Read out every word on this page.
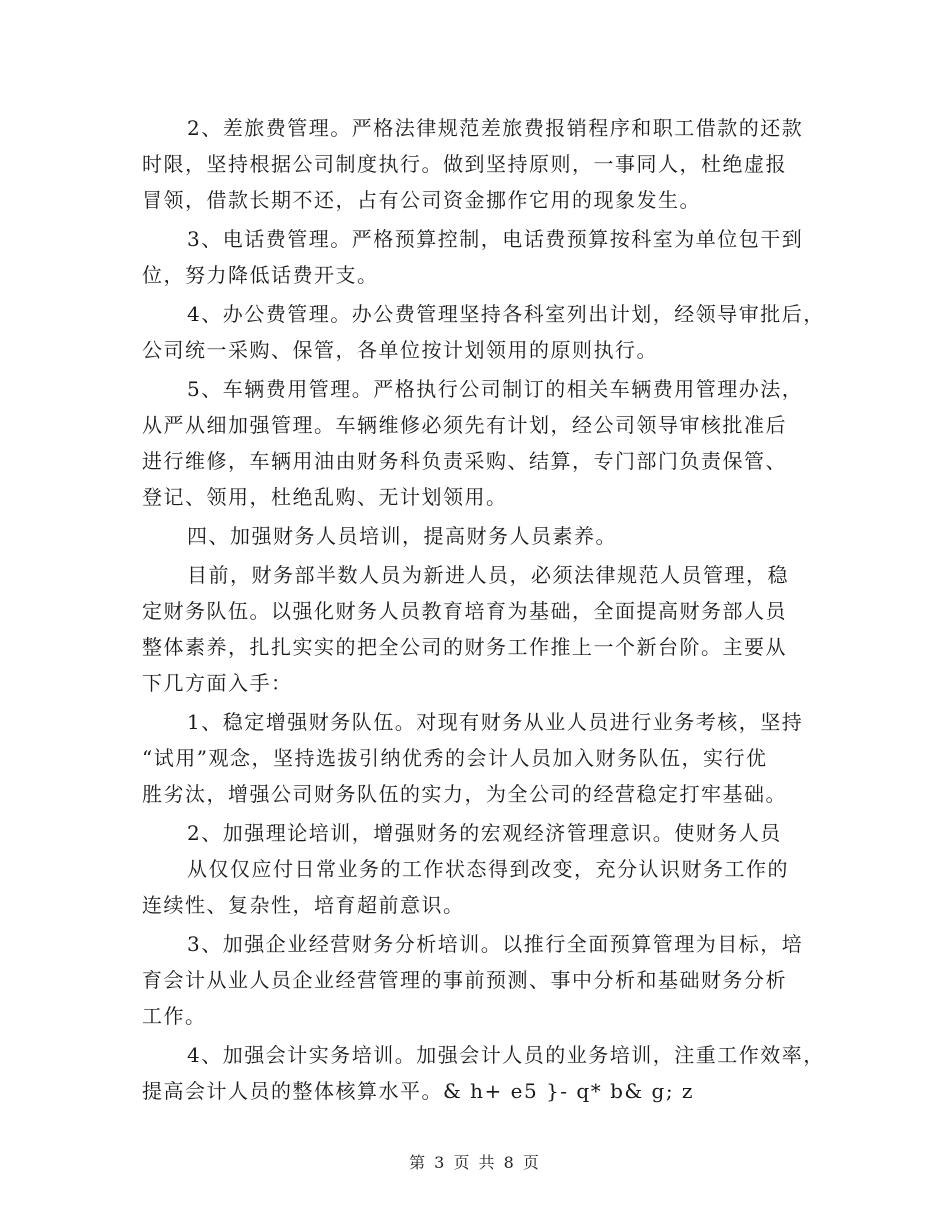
2、差旅费管理。严格法律规范差旅费报销程序和职工借款的还款
时限，坚持根据公司制度执行。做到坚持原则，一事同人，杜绝虚报
冒领，借款长期不还，占有公司资金挪作它用的现象发生。
3、电话费管理。严格预算控制，电话费预算按科室为单位包干到
位，努力降低话费开支。
4、办公费管理。办公费管理坚持各科室列出计划，经领导审批后，
公司统一采购、保管，各单位按计划领用的原则执行。
5、车辆费用管理。严格执行公司制订的相关车辆费用管理办法，
从严从细加强管理。车辆维修必须先有计划，经公司领导审核批准后
进行维修，车辆用油由财务科负责采购、结算，专门部门负责保管、
登记、领用，杜绝乱购、无计划领用。
四、加强财务人员培训，提高财务人员素养。
目前，财务部半数人员为新进人员，必须法律规范人员管理，稳
定财务队伍。以强化财务人员教育培育为基础，全面提高财务部人员
整体素养，扎扎实实的把全公司的财务工作推上一个新台阶。主要从
下几方面入手：
1、稳定增强财务队伍。对现有财务从业人员进行业务考核，坚持
“试用”观念，坚持选拔引纳优秀的会计人员加入财务队伍，实行优
胜劣汰，增强公司财务队伍的实力，为全公司的经营稳定打牢基础。
2、加强理论培训，增强财务的宏观经济管理意识。使财务人员
从仅仅应付日常业务的工作状态得到改变，充分认识财务工作的
连续性、复杂性，培育超前意识。
3、加强企业经营财务分析培训。以推行全面预算管理为目标，培
育会计从业人员企业经营管理的事前预测、事中分析和基础财务分析
工作。
4、加强会计实务培训。加强会计人员的业务培训，注重工作效率，
提高会计人员的整体核算水平。& h+ e5 }- q* b& g; z
第 3 页 共 8 页
